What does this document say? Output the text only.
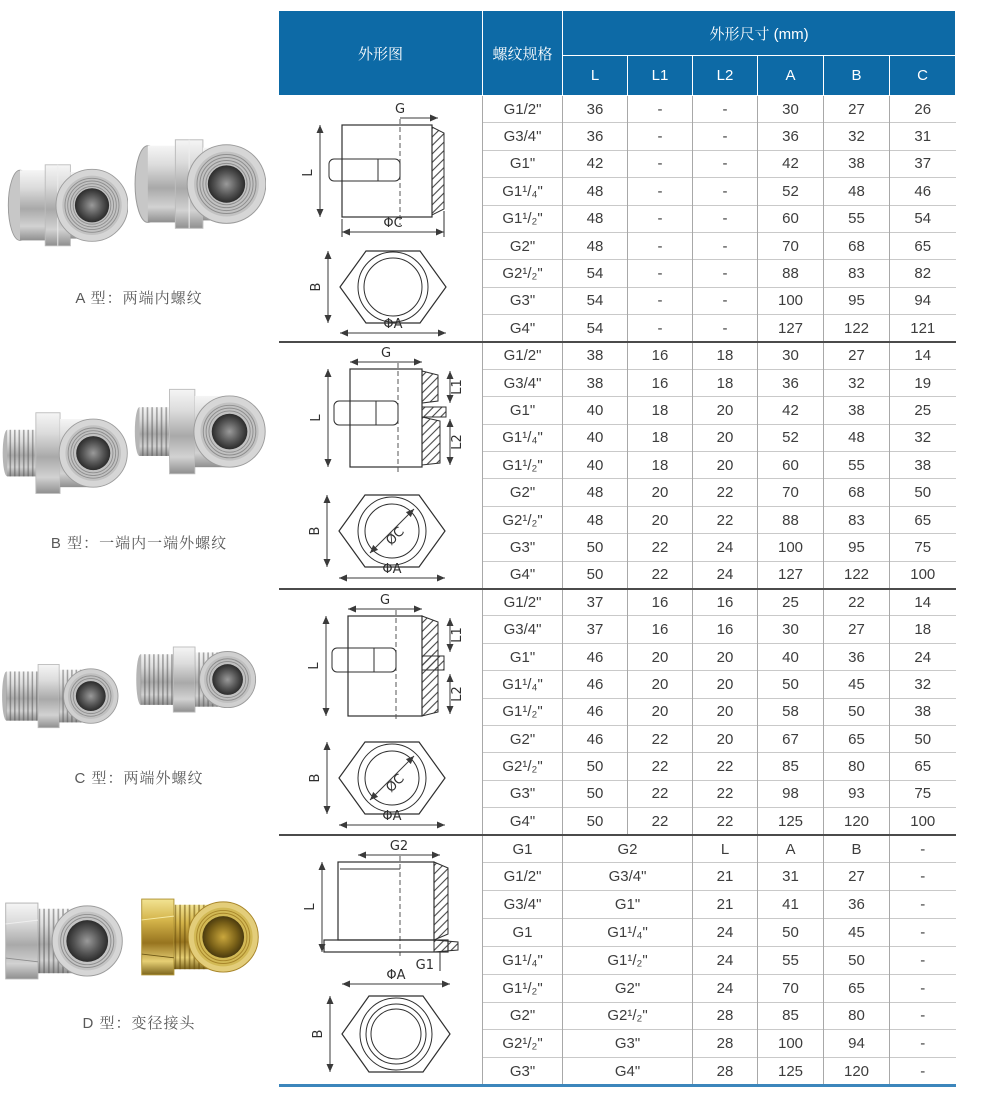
A 型：两端内螺纹
B 型：一端内一端外螺纹
C 型：两端外螺纹
D 型：变径接头
外形图	螺纹规格	外形尺寸 (mm)					
		L	L1	L2	A	B	C

G
L
ΦC
B
ΦA	G1/2"	36	-	-	30	27	26
	G3/4"	36	-	-	36	32	31
	G1"	42	-	-	42	38	37
	G1¹/₄"	48	-	-	52	48	46
	G1¹/₂"	48	-	-	60	55	54
	G2"	48	-	-	70	68	65
	G2¹/₂"	54	-	-	88	83	82
	G3"	54	-	-	100	95	94
	G4"	54	-	-	127	122	121

G
L
L1
L2
ØC
B
ΦA
	G1/2"	38	16	18	30	27	14
	G3/4"	38	16	18	36	32	19
	G1"	40	18	20	42	38	25
	G1¹/₄"	40	18	20	52	48	32
	G1¹/₂"	40	18	20	60	55	38
	G2"	48	20	22	70	68	50
	G2¹/₂"	48	20	22	88	83	65
	G3"	50	22	24	100	95	75
	G4"	50	22	24	127	122	100

G
L
L1
L2
ØC
B
ΦA
	G1/2"	37	16	16	25	22	14
	G3/4"	37	16	16	30	27	18
	G1"	46	20	20	40	36	24
	G1¹/₄"	46	20	20	50	45	32
	G1¹/₂"	46	20	20	58	50	38
	G2"	46	22	20	67	65	50
	G2¹/₂"	50	22	22	85	80	65
	G3"	50	22	22	98	93	75
	G4"	50	22	22	125	120	100

G2
L
G1
ΦA
B	G1	G2		L	A	B	-
	G1/2"	G3/4"		21	31	27	-
	G3/4"	G1"		21	41	36	-
	G1	G1¹/₄"		24	50	45	-
	G1¹/₄"	G1¹/₂"		24	55	50	-
	G1¹/₂"	G2"		24	70	65	-
	G2"	G2¹/₂"		28	85	80	-
	G2¹/₂"	G3"		28	100	94	-
	G3"	G4"		28	125	120	-
